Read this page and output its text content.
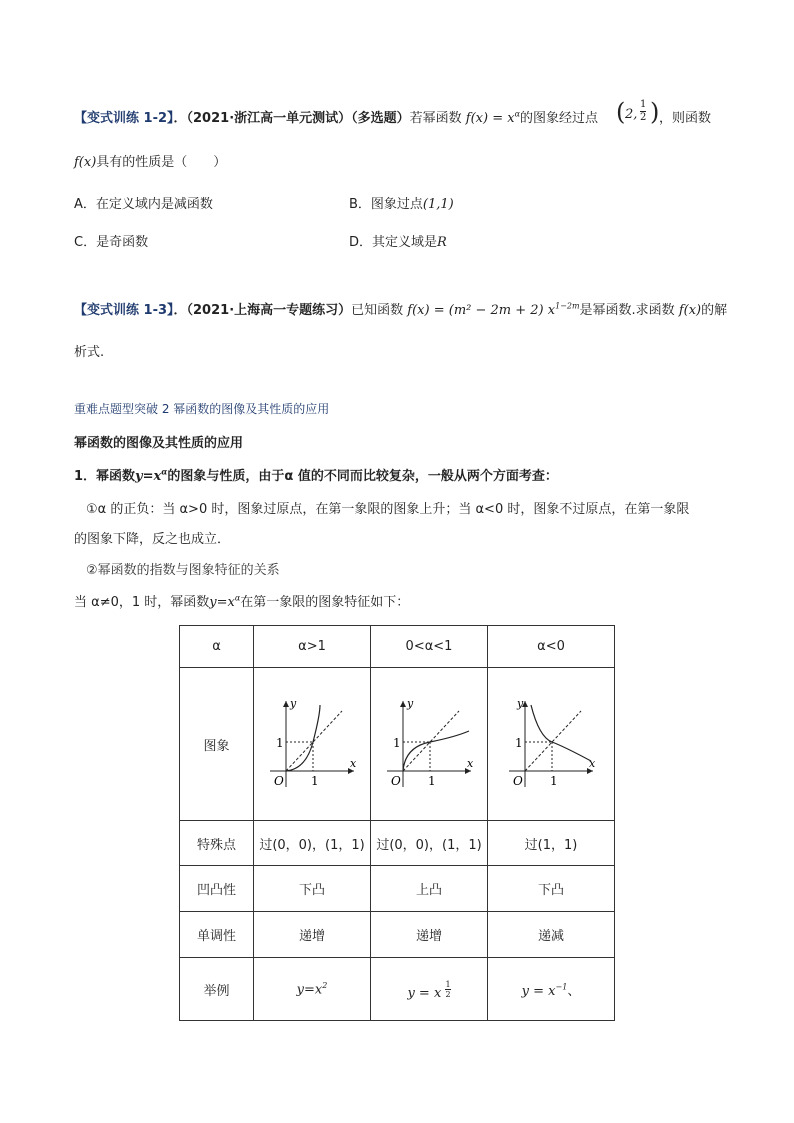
【变式训练 1-2】．（2021·浙江高一单元测试）（多选题）若幂函数 $f(x) = x^\alpha$的图象经过点 ( 2,
1
2 ) ，则函数
f(x)具有的性质是（　　）
A．在定义域内是减函数	B．图象过点(1,1)
C．是奇函数	D．其定义域是R
【变式训练 1-3】．（2021·上海高一专题练习）已知函数 f(x) = (m² − 2m + 2) $x^{1-2m}$是幂函数.求函数 f(x)的解
析式.
重难点题型突破 2 幂函数的图像及其性质的应用
幂函数的图像及其性质的应用
1．幂函数$y=x^\alpha$的图象与性质，由于α 值的不同而比较复杂，一般从两个方面考查：
①α 的正负：当 α>0 时，图象过原点，在第一象限的图象上升；当 α<0 时，图象不过原点，在第一象限
的图象下降，反之也成立．
②幂函数的指数与图象特征的关系
当 α≠0，1 时，幂函数$y=x^\alpha$在第一象限的图象特征如下：
α	α>1	0<α<1	α<0
图象	y
x
O 1
1	y
x
O 1
1	y
x
O 1
1

特殊点	过(0，0)，(1，1)	过(0，0)，(1，1)	过(1，1)
凹凸性	下凸	上凸	下凸
单调性	递增	递增	递减
举例	$y=x^2$	y = x $\frac{1}{2}$	$y = x^{-1}$、
